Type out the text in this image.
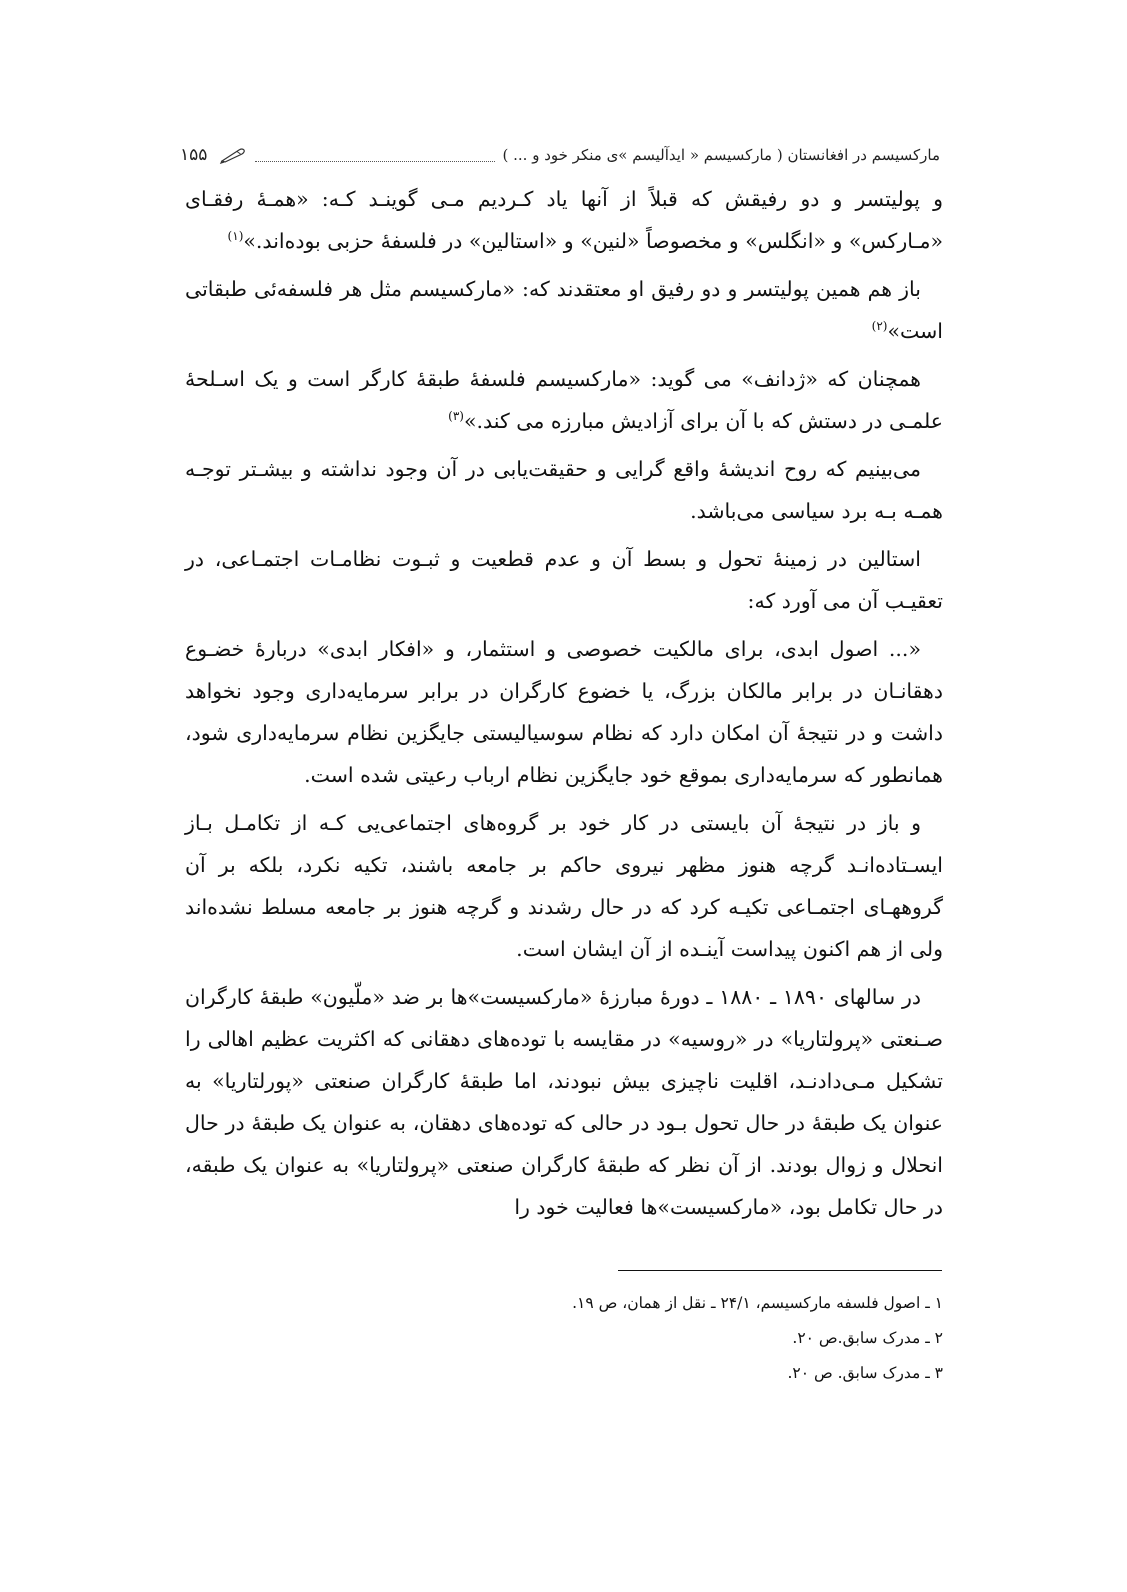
مارکسیسم در افغانستان ( مارکسیسم « ایدآلیسم »ی منکر خود و ... )
۱۵۵

و پولیتسر و دو رفیقش که قبلاً از آنها یاد کـردیم مـی گوینـد کـه: «همـهٔ رفقـای «مـارکس» و «انگلس» و مخصوصاً «لنین» و «استالین» در فلسفهٔ حزبی بوده‌اند.»$^{(۱)}$

باز هم همین پولیتسر و دو رفیق او معتقدند که: «مارکسیسم مثل هر فلسفه‌ئی طبقاتی است»$^{(۲)}$

همچنان که «ژدانف» می گوید: «مارکسیسم فلسفهٔ طبقهٔ کارگر است و یک اسـلحهٔ علمـی در دستش که با آن برای آزادیش مبارزه می کند.»$^{(۳)}$

می‌بینیم که روح اندیشهٔ واقع گرایی و حقیقت‌یابی در آن وجود نداشته و بیشـتر توجـه همـه بـه برد سیاسی می‌باشد.

استالین در زمینهٔ تحول و بسط آن و عدم قطعیت و ثبـوت نظامـات اجتمـاعی، در تعقیـب آن می آورد که:

«... اصول ابدی، برای مالکیت خصوصی و استثمار، و «افکار ابدی» دربارهٔ خضـوع دهقانـان در برابر مالکان بزرگ، یا خضوع کارگران در برابر سرمایه‌داری وجود نخواهد داشت و در نتیجهٔ آن امکان دارد که نظام سوسیالیستی جایگزین نظام سرمایه‌داری شود، همانطور که سرمایه‌داری بموقع خود جایگزین نظام ارباب رعیتی شده است.

و باز در نتیجهٔ آن بایستی در کار خود بر گروه‌های اجتماعی‌یی کـه از تکامـل بـاز ایسـتاده‌انـد گرچه هنوز مظهر نیروی حاکم بر جامعه باشند، تکیه نکرد، بلکه بر آن گروههـای اجتمـاعی تکیـه کرد که در حال رشدند و گرچه هنوز بر جامعه مسلط نشده‌اند ولی از هم اکنون پیداست آینـده از آن ایشان است.

در سالهای ۱۸۹۰ ـ ۱۸۸۰ ـ دورهٔ مبارزهٔ «مارکسیست»ها بر ضد «ملّیون» طبقهٔ کارگران صـنعتی «پرولتاریا» در «روسیه» در مقایسه با توده‌های دهقانی که اکثریت عظیم اهالی را تشکیل مـی‌دادنـد، اقلیت ناچیزی بیش نبودند، اما طبقهٔ کارگران صنعتی «پورلتاریا» به عنوان یک طبقهٔ در حال تحول بـود در حالی که توده‌های دهقان، به عنوان یک طبقهٔ در حال انحلال و زوال بودند. از آن نظر که طبقهٔ کارگران صنعتی «پرولتاریا» به عنوان یک طبقه، در حال تکامل بود، «مارکسیست»ها فعالیت خود را

۱ ـ اصول فلسفه مارکسیسم، ۲۴/۱ ـ نقل از همان، ص ۱۹.
۲ ـ مدرک سابق.ص ۲۰.
۳ ـ مدرک سابق. ص ۲۰.
